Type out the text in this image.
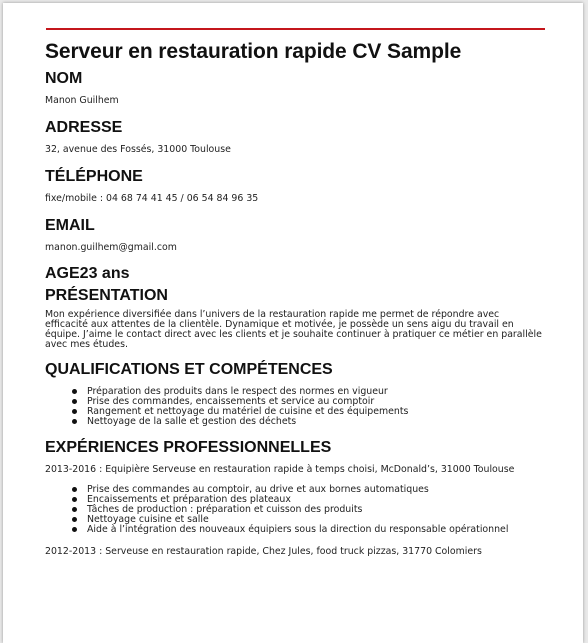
Serveur en restauration rapide CV Sample
NOM

Manon Guilhem

ADRESSE

32, avenue des Fossés, 31000 Toulouse

TÉLÉPHONE

fixe/mobile : 04 68 74 41 45 / 06 54 84 96 35

EMAIL

manon.guilhem@gmail.com

AGE23 ans
PRÉSENTATION

Mon expérience diversifiée dans l’univers de la restauration rapide me permet de répondre avec efficacité aux attentes de la clientèle. Dynamique et motivée, je possède un sens aigu du travail en équipe. J’aime le contact direct avec les clients et je souhaite continuer à pratiquer ce métier en parallèle avec mes études.

QUALIFICATIONS ET COMPÉTENCES
Préparation des produits dans le respect des normes en vigueur
Prise des commandes, encaissements et service au comptoir
Rangement et nettoyage du matériel de cuisine et des équipements
Nettoyage de la salle et gestion des déchets
EXPÉRIENCES PROFESSIONNELLES

2013-2016 : Equipière Serveuse en restauration rapide à temps choisi, McDonald’s, 31000 Toulouse

Prise des commandes au comptoir, au drive et aux bornes automatiques
Encaissements et préparation des plateaux
Tâches de production : préparation et cuisson des produits
Nettoyage cuisine et salle
Aide à l’intégration des nouveaux équipiers sous la direction du responsable opérationnel

2012-2013 : Serveuse en restauration rapide, Chez Jules, food truck pizzas, 31770 Colomiers
